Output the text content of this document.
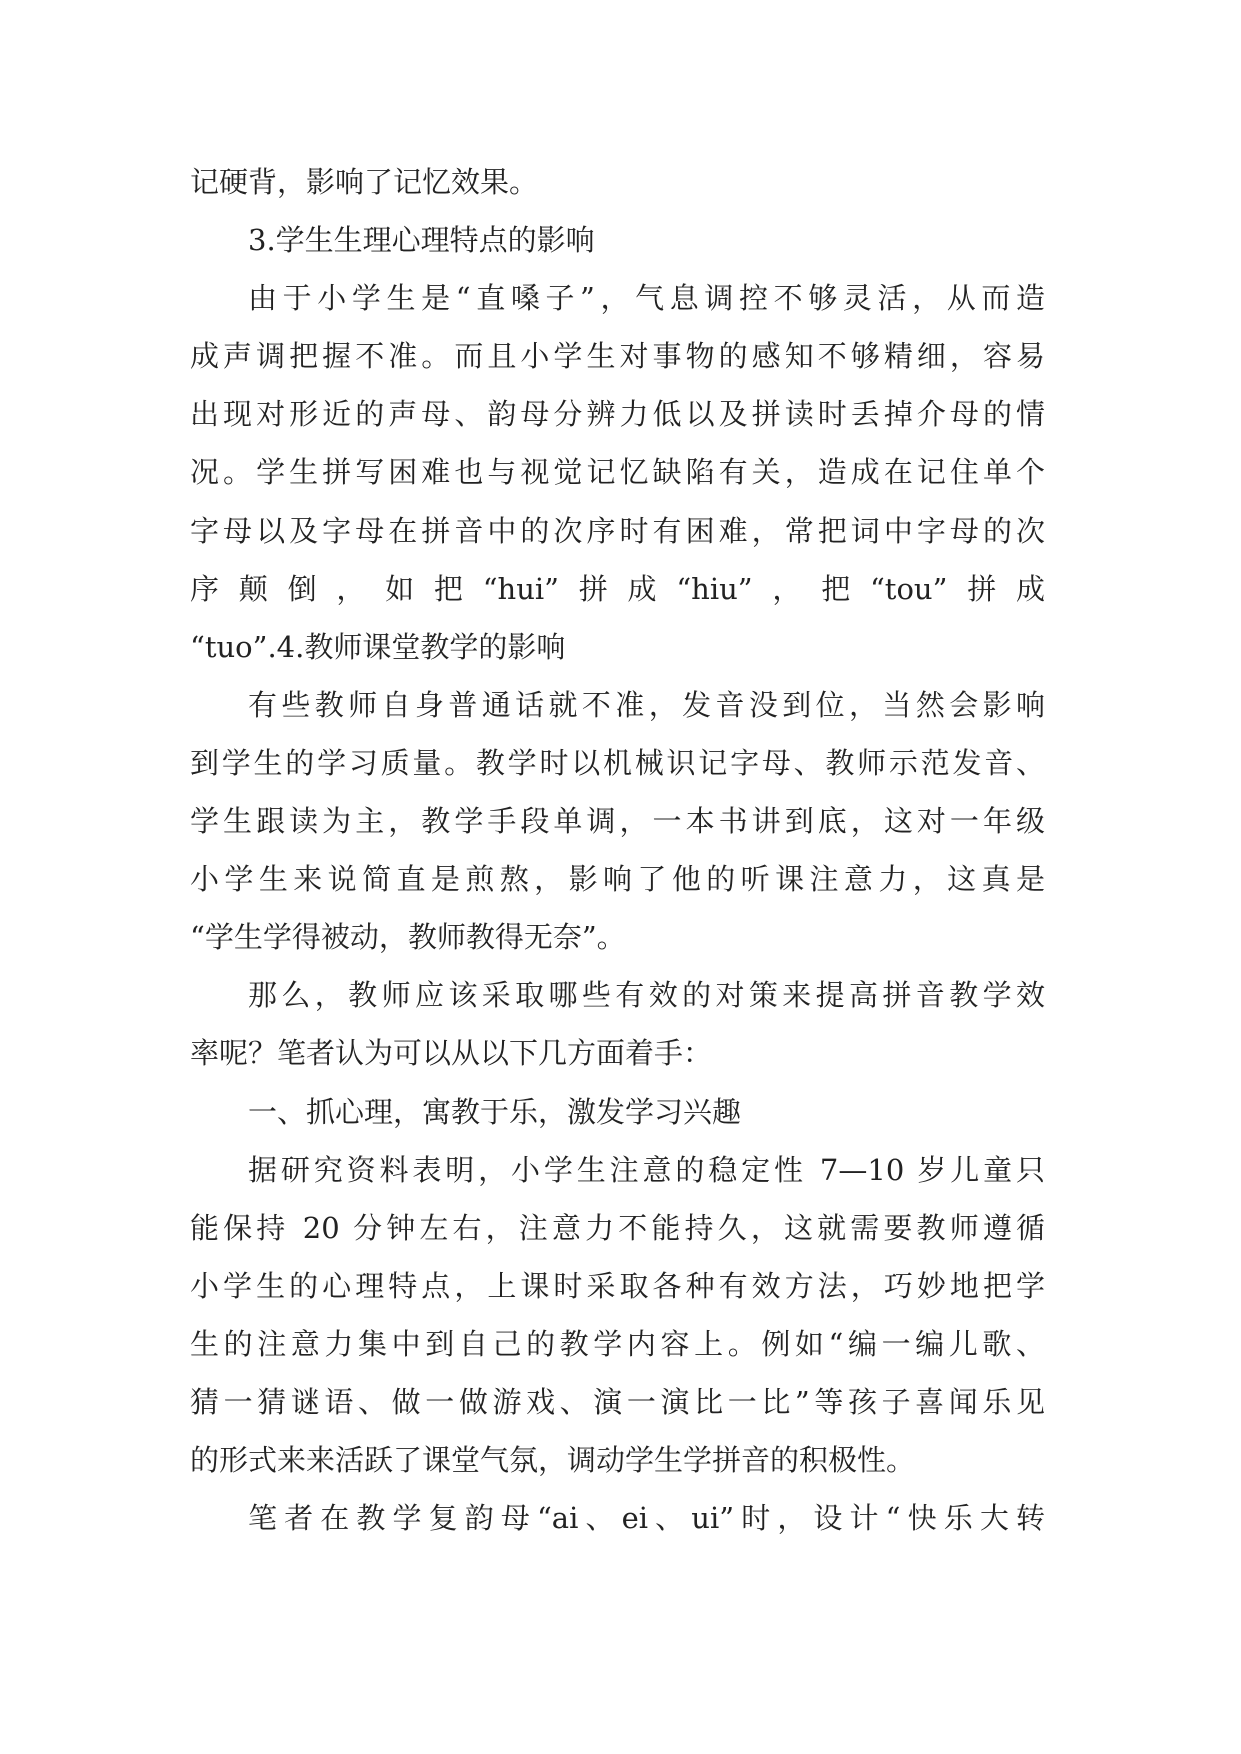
记硬背，影响了记忆效果。
3.学生生理心理特点的影响
由于小学生是“直嗓子”，气息调控不够灵活，从而造
成声调把握不准。而且小学生对事物的感知不够精细，容易
出现对形近的声母、韵母分辨力低以及拼读时丢掉介母的情
况。学生拼写困难也与视觉记忆缺陷有关，造成在记住单个
字母以及字母在拼音中的次序时有困难，常把词中字母的次
序颠倒，如把“hui”拼成“hiu”，把“tou”拼成
“tuo”.4.教师课堂教学的影响
有些教师自身普通话就不准，发音没到位，当然会影响
到学生的学习质量。教学时以机械识记字母、教师示范发音、
学生跟读为主，教学手段单调，一本书讲到底，这对一年级
小学生来说简直是煎熬，影响了他的听课注意力，这真是
“学生学得被动，教师教得无奈”。
那么，教师应该采取哪些有效的对策来提高拼音教学效
率呢？笔者认为可以从以下几方面着手：
一、抓心理，寓教于乐，激发学习兴趣
据研究资料表明，小学生注意的稳定性 7—10 岁儿童只
能保持 20 分钟左右，注意力不能持久，这就需要教师遵循
小学生的心理特点，上课时采取各种有效方法，巧妙地把学
生的注意力集中到自己的教学内容上。例如“编一编儿歌、
猜一猜谜语、做一做游戏、演一演比一比”等孩子喜闻乐见
的形式来来活跃了课堂气氛，调动学生学拼音的积极性。
笔者在教学复韵母“ai、ei、ui”时，设计“快乐大转
